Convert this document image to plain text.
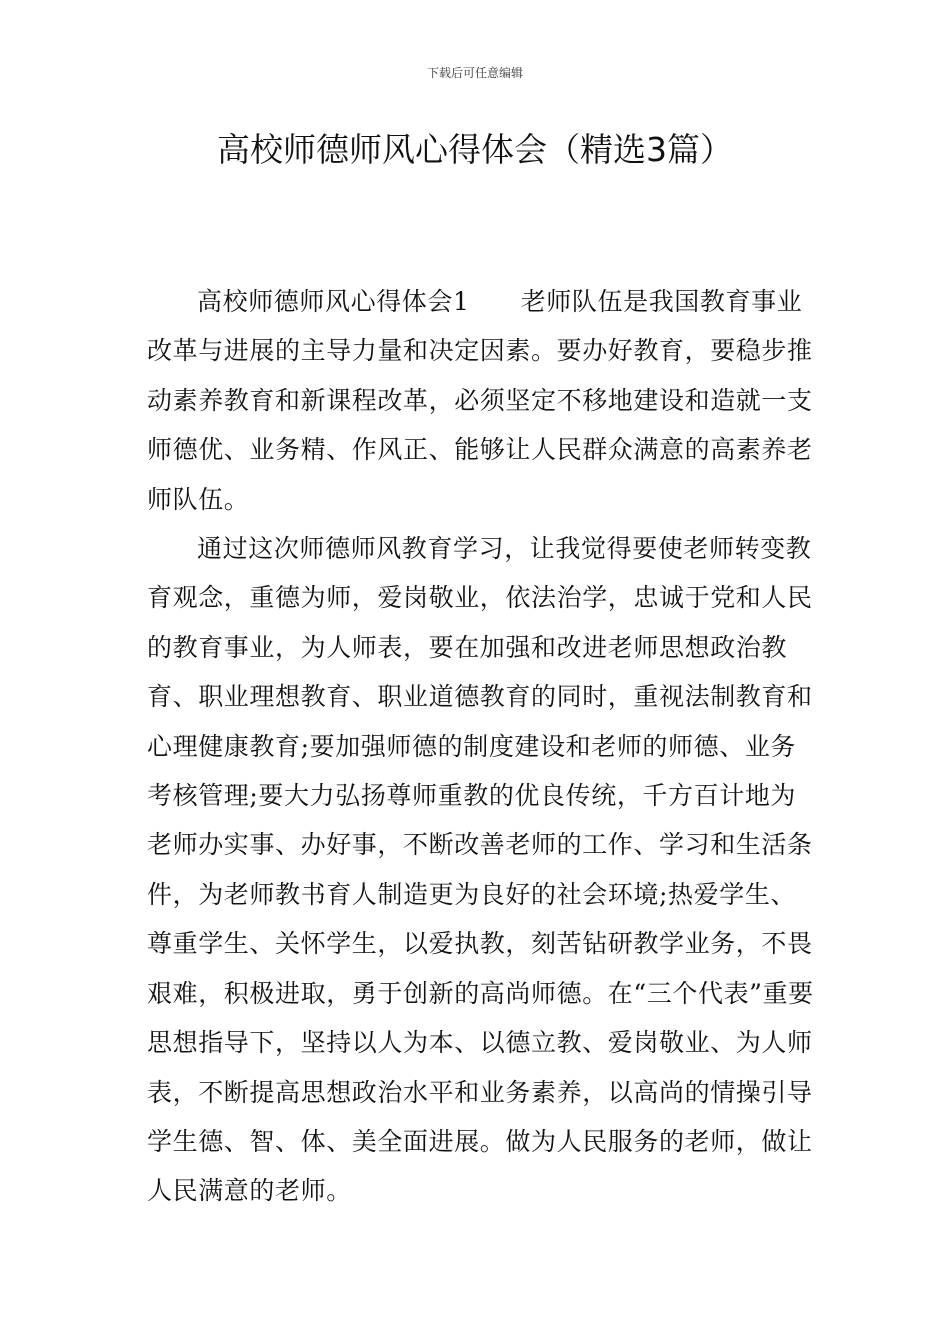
下载后可任意编辑
高校师德师风心得体会（精选3篇）

高校师德师风心得体会1　　老师队伍是我国教育事业改革与进展的主导力量和决定因素。要办好教育，要稳步推动素养教育和新课程改革，必须坚定不移地建设和造就一支师德优、业务精、作风正、能够让人民群众满意的高素养老师队伍。

通过这次师德师风教育学习，让我觉得要使老师转变教育观念，重德为师，爱岗敬业，依法治学，忠诚于党和人民的教育事业，为人师表，要在加强和改进老师思想政治教育、职业理想教育、职业道德教育的同时，重视法制教育和心理健康教育;要加强师德的制度建设和老师的师德、业务考核管理;要大力弘扬尊师重教的优良传统，千方百计地为老师办实事、办好事，不断改善老师的工作、学习和生活条件，为老师教书育人制造更为良好的社会环境;热爱学生、尊重学生、关怀学生，以爱执教，刻苦钻研教学业务，不畏艰难，积极进取，勇于创新的高尚师德。在“三个代表”重要思想指导下，坚持以人为本、以德立教、爱岗敬业、为人师表，不断提高思想政治水平和业务素养，以高尚的情操引导学生德、智、体、美全面进展。做为人民服务的老师，做让人民满意的老师。
